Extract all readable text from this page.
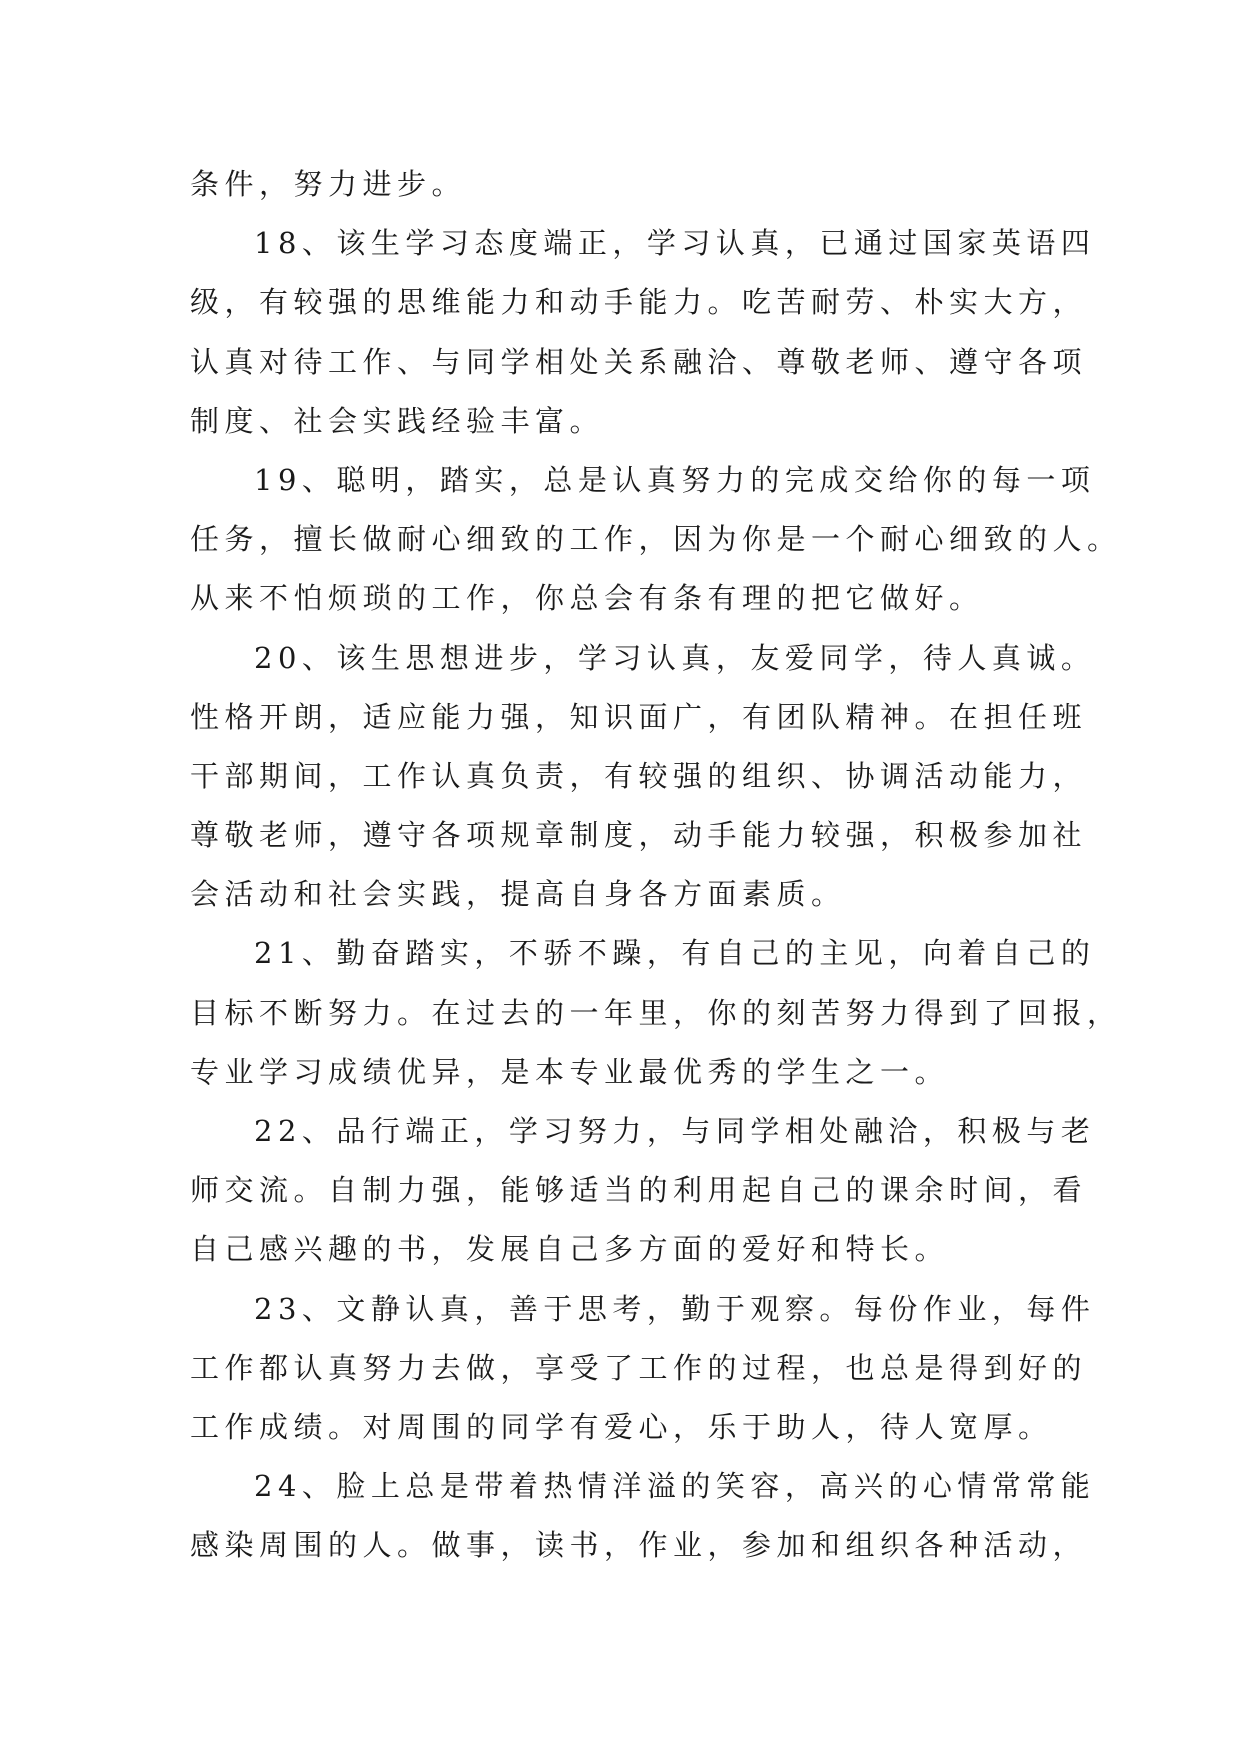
条件，努力进步。
18、该生学习态度端正，学习认真，已通过国家英语四
级，有较强的思维能力和动手能力。吃苦耐劳、朴实大方，
认真对待工作、与同学相处关系融洽、尊敬老师、遵守各项
制度、社会实践经验丰富。
19、聪明，踏实，总是认真努力的完成交给你的每一项
任务，擅长做耐心细致的工作，因为你是一个耐心细致的人。
从来不怕烦琐的工作，你总会有条有理的把它做好。
20、该生思想进步，学习认真，友爱同学，待人真诚。
性格开朗，适应能力强，知识面广，有团队精神。在担任班
干部期间，工作认真负责，有较强的组织、协调活动能力，
尊敬老师，遵守各项规章制度，动手能力较强，积极参加社
会活动和社会实践，提高自身各方面素质。
21、勤奋踏实，不骄不躁，有自己的主见，向着自己的
目标不断努力。在过去的一年里，你的刻苦努力得到了回报，
专业学习成绩优异，是本专业最优秀的学生之一。
22、品行端正，学习努力，与同学相处融洽，积极与老
师交流。自制力强，能够适当的利用起自己的课余时间，看
自己感兴趣的书，发展自己多方面的爱好和特长。
23、文静认真，善于思考，勤于观察。每份作业，每件
工作都认真努力去做，享受了工作的过程，也总是得到好的
工作成绩。对周围的同学有爱心，乐于助人，待人宽厚。
24、脸上总是带着热情洋溢的笑容，高兴的心情常常能
感染周围的人。做事，读书，作业，参加和组织各种活动，
